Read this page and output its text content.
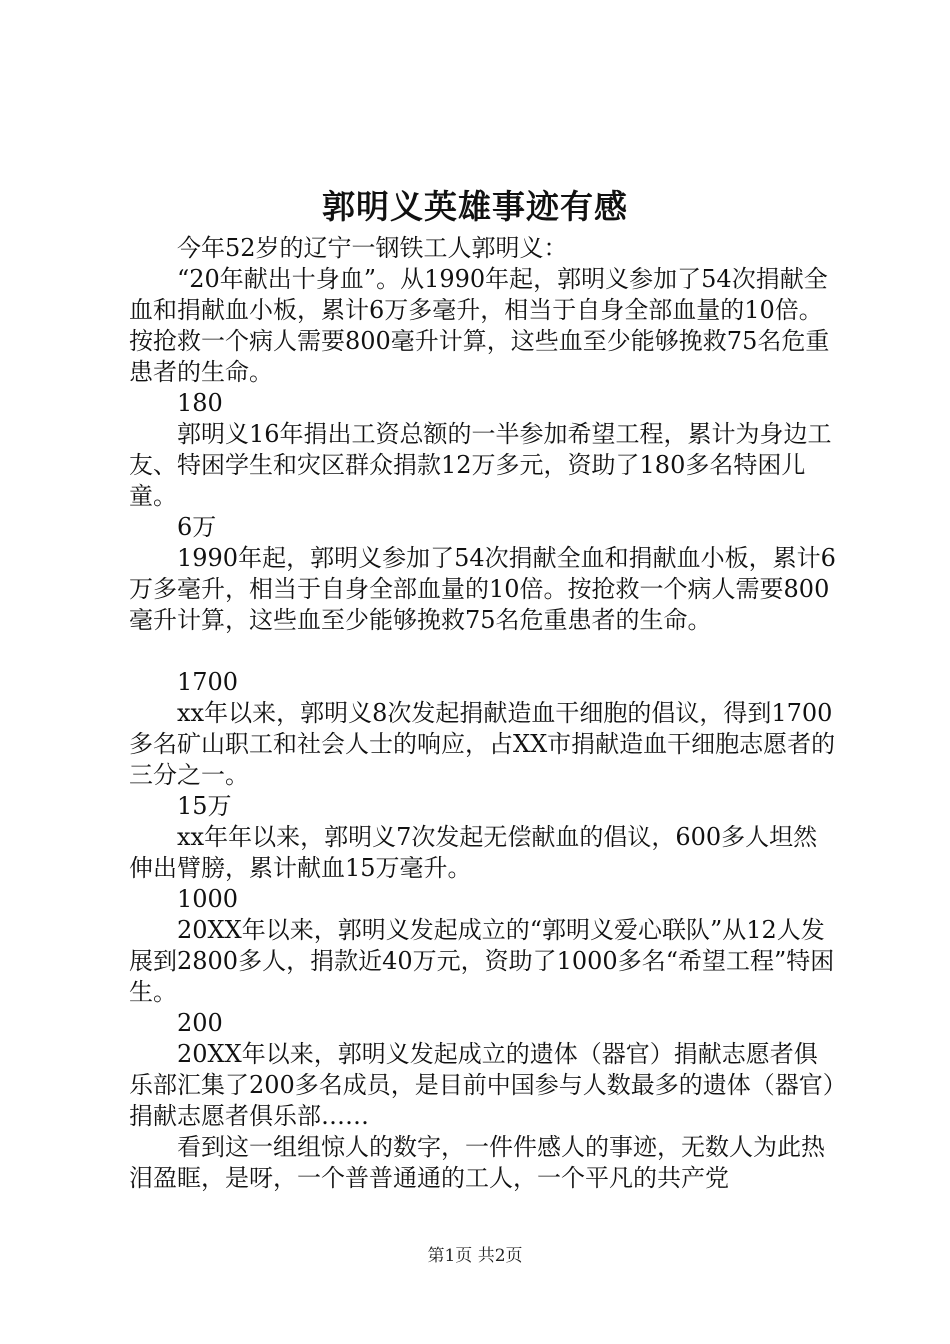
郭明义英雄事迹有感

今年52岁的辽宁一钢铁工人郭明义：

“20年献出十身血”。从1990年起，郭明义参加了54次捐献全血和捐献血小板，累计6万多毫升，相当于自身全部血量的10倍。按抢救一个病人需要800毫升计算，这些血至少能够挽救75名危重患者的生命。

180

郭明义16年捐出工资总额的一半参加希望工程，累计为身边工友、特困学生和灾区群众捐款12万多元，资助了180多名特困儿童。

6万

1990年起，郭明义参加了54次捐献全血和捐献血小板，累计6万多毫升，相当于自身全部血量的10倍。按抢救一个病人需要800毫升计算，这些血至少能够挽救75名危重患者的生命。

1700

xx年以来，郭明义8次发起捐献造血干细胞的倡议，得到1700多名矿山职工和社会人士的响应，占XX市捐献造血干细胞志愿者的三分之一。

15万

xx年年以来，郭明义7次发起无偿献血的倡议，600多人坦然伸出臂膀，累计献血15万毫升。

1000

20XX年以来，郭明义发起成立的“郭明义爱心联队”从12人发展到2800多人，捐款近40万元，资助了1000多名“希望工程”特困生。

200

20XX年以来，郭明义发起成立的遗体（器官）捐献志愿者俱乐部汇集了200多名成员，是目前中国参与人数最多的遗体（器官）捐献志愿者俱乐部……

看到这一组组惊人的数字，一件件感人的事迹，无数人为此热泪盈眶，是呀，一个普普通通的工人，一个平凡的共产党

第1页 共2页
